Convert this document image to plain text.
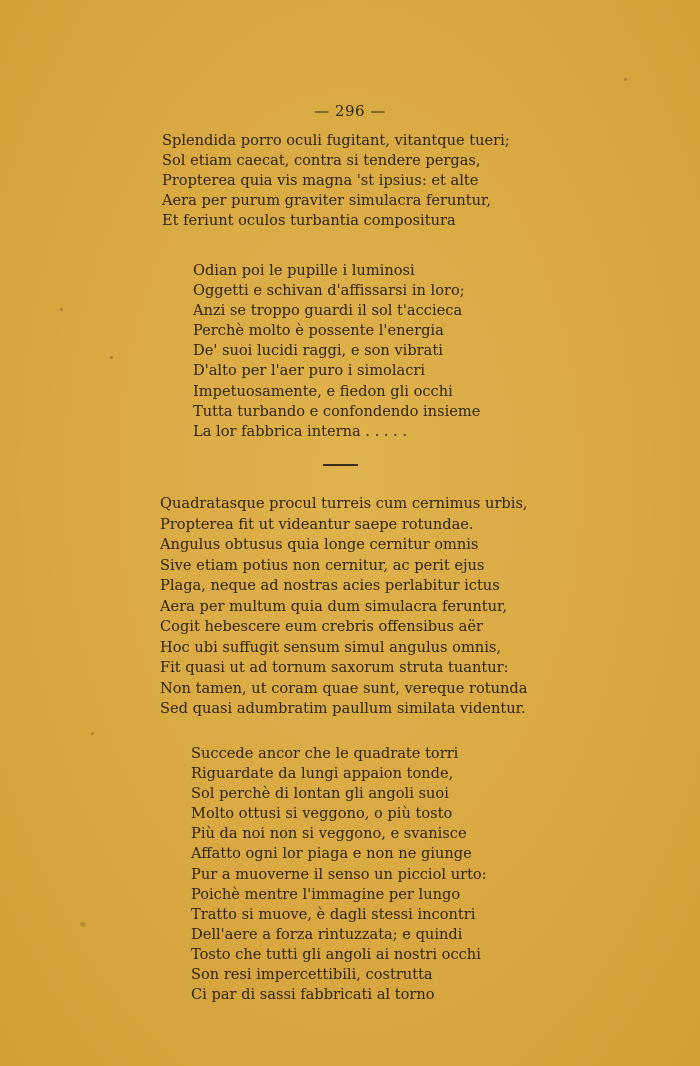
— 296 —
Splendida porro oculi fugitant, vitantque tueri;
Sol etiam caecat, contra si tendere pergas,
Propterea quia vis magna 'st ipsius: et alte
Aera per purum graviter simulacra feruntur,
Et feriunt oculos turbantia compositura
Odian poi le pupille i luminosi
Oggetti e schivan d'affissarsi in loro;
Anzi se troppo guardi il sol t'accieca
Perchè molto è possente l'energia
De' suoi lucidi raggi, e son vibrati
D'alto per l'aer puro i simolacri
Impetuosamente, e fiedon gli occhi
Tutta turbando e confondendo insieme
La lor fabbrica interna . . . . .
Quadratasque procul turreis cum cernimus urbis,
Propterea fit ut videantur saepe rotundae.
Angulus obtusus quia longe cernitur omnis
Sive etiam potius non cernitur, ac perit ejus
Plaga, neque ad nostras acies perlabitur ictus
Aera per multum quia dum simulacra feruntur,
Cogit hebescere eum crebris offensibus aër
Hoc ubi suffugit sensum simul angulus omnis,
Fit quasi ut ad tornum saxorum struta tuantur:
Non tamen, ut coram quae sunt, vereque rotunda
Sed quasi adumbratim paullum similata videntur.
Succede ancor che le quadrate torri
Riguardate da lungi appaion tonde,
Sol perchè di lontan gli angoli suoi
Molto ottusi si veggono, o più tosto
Più da noi non si veggono, e svanisce
Affatto ogni lor piaga e non ne giunge
Pur a muoverne il senso un picciol urto:
Poichè mentre l'immagine per lungo
Tratto si muove, è dagli stessi incontri
Dell'aere a forza rintuzzata; e quindi
Tosto che tutti gli angoli ai nostri occhi
Son resi impercettibili, costrutta
Ci par di sassi fabbricati al torno
